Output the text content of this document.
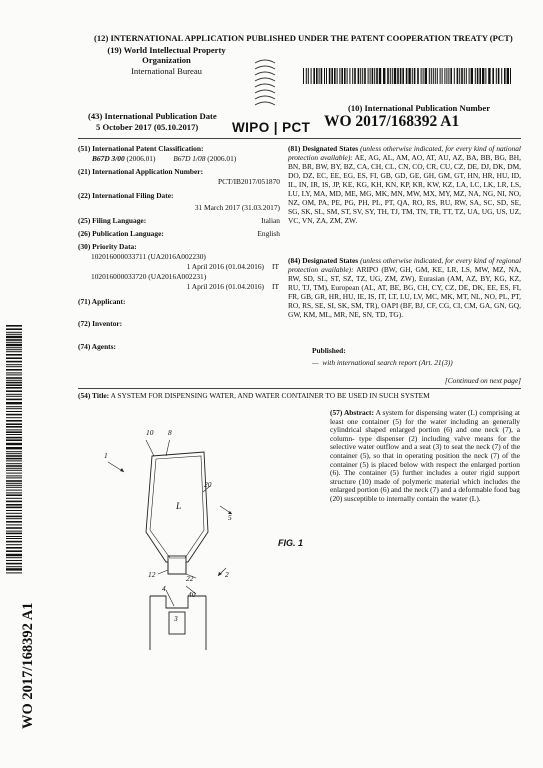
(12) INTERNATIONAL APPLICATION PUBLISHED UNDER THE PATENT COOPERATION TREATY (PCT)
(19) World Intellectual Property
Organization
International Bureau
(43) International Publication Date
5 October 2017 (05.10.2017)	WIPO | PCT
(10) International Publication Number
WO 2017/168392 A1
(51) International Patent Classification:
B67D 3/00 (2006.01) B67D 1/08 (2006.01)
(21) International Application Number:
PCT/IB2017/051870
(22) International Filing Date:
31 March 2017 (31.03.2017)
(25) Filing Language:	Italian
(26) Publication Language:	English
(30) Priority Data:
102016000033711 (UA2016A002230)
1 April 2016 (01.04.2016) IT
102016000033720 (UA2016A002231)
1 April 2016 (01.04.2016) IT
(71) Applicant:
(72) Inventor:
(74) Agents:
(81) Designated States (unless otherwise indicated, for every kind of national protection available): AE, AG, AL, AM, AO, AT, AU, AZ, BA, BB, BG, BH, BN, BR, BW, BY, BZ, CA, CH, CL, CN, CO, CR, CU, CZ, DE, DJ, DK, DM, DO, DZ, EC, EE, EG, ES, FI, GB, GD, GE, GH, GM, GT, HN, HR, HU, ID, IL, IN, IR, IS, JP, KE, KG, KH, KN, KP, KR, KW, KZ, LA, LC, LK, LR, LS, LU, LY, MA, MD, ME, MG, MK, MN, MW, MX, MY, MZ, NA, NG, NI, NO, NZ, OM, PA, PE, PG, PH, PL, PT, QA, RO, RS, RU, RW, SA, SC, SD, SE, SG, SK, SL, SM, ST, SV, SY, TH, TJ, TM, TN, TR, TT, TZ, UA, UG, US, UZ, VC, VN, ZA, ZM, ZW.
(84) Designated States (unless otherwise indicated, for every kind of regional protection available): ARIPO (BW, GH, GM, KE, LR, LS, MW, MZ, NA, RW, SD, SL, ST, SZ, TZ, UG, ZM, ZW), Eurasian (AM, AZ, BY, KG, KZ, RU, TJ, TM), European (AL, AT, BE, BG, CH, CY, CZ, DE, DK, EE, ES, FI, FR, GB, GR, HR, HU, IE, IS, IT, LT, LU, LV, MC, MK, MT, NL, NO, PL, PT, RO, RS, SE, SI, SK, SM, TR), OAPI (BF, BJ, CF, CG, CI, CM, GA, GN, GQ, GW, KM, ML, MR, NE, SN, TD, TG).
Published:
—  with international search report (Art. 21(3))
[Continued on next page]
(54) Title: A SYSTEM FOR DISPENSING WATER, AND WATER CONTAINER TO BE USED IN SUCH SYSTEM
(57) Abstract: A system for dispensing water (L) comprising at least one container (5) for the water including an generally cylindrical shaped enlarged portion (6) and one neck (7), a column- type dispenser (2) including valve means for the selective water outflow and a seat (3) to seat the neck (7) of the container (5), so that in operating position the neck (7) of the container (5) is placed below with respect the enlarged portion (6). The container (5) further includes a outer rigid support structure (10) made of polymeric material which includes the enlarged portion (6) and the neck (7) and a deformable food bag (20) susceptible to internally contain the water (L).
10 8
1
20
L
5
12	22
4
40
2
3
FIG. 1
WO 2017/168392 A1
